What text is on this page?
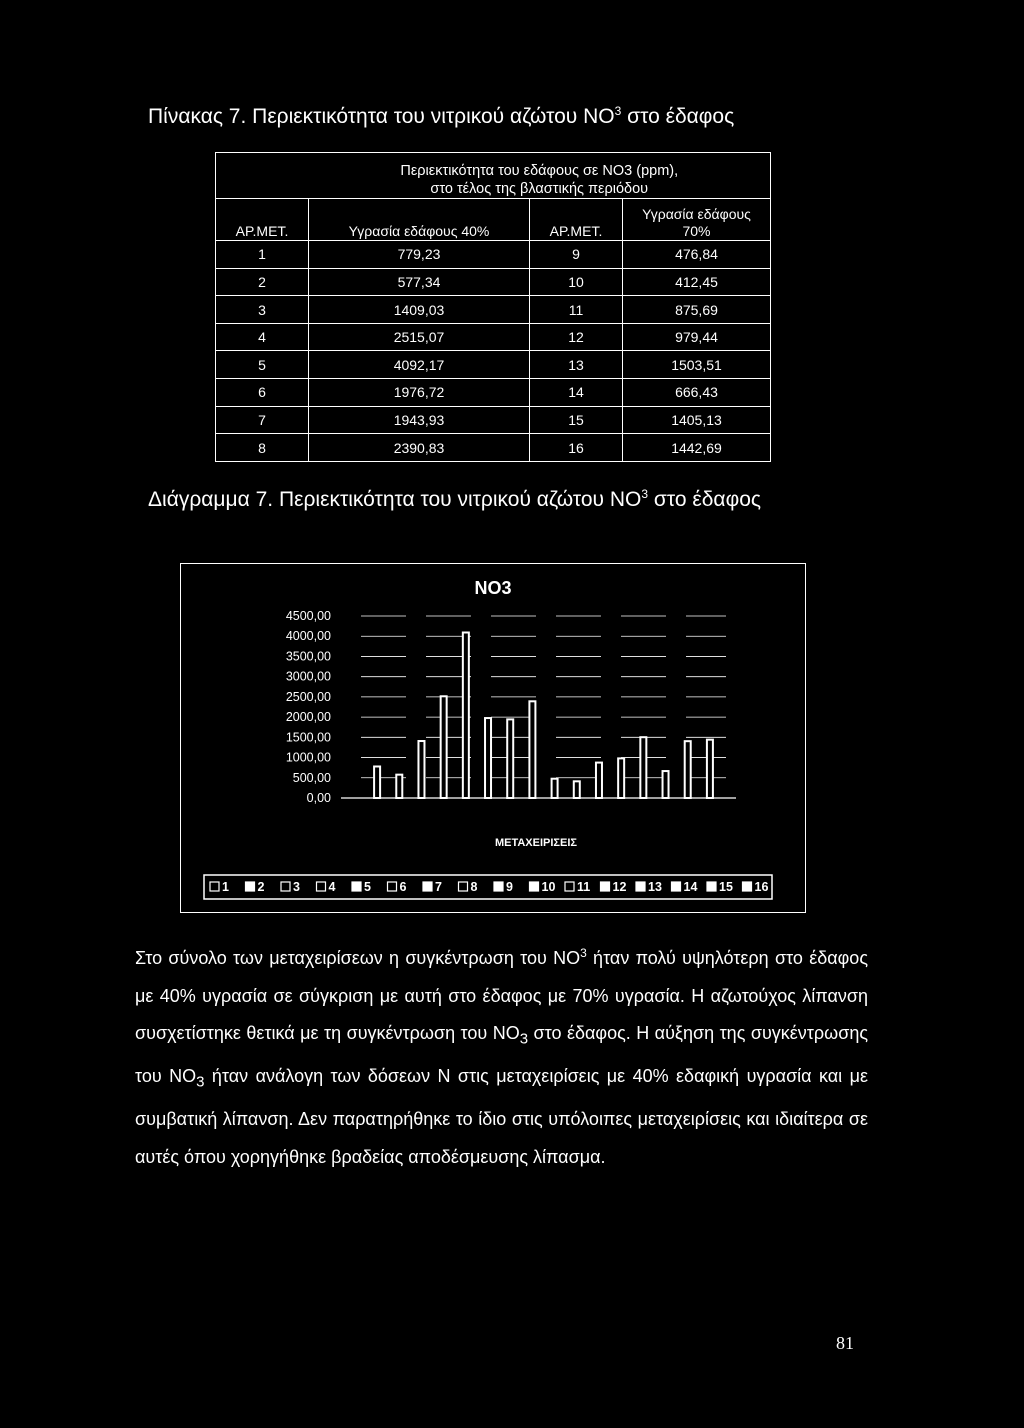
Πίνακας 7. Περιεκτικότητα του νιτρικού αζώτου $NO^3$ στο έδαφος
	Περιεκτικότητα του εδάφους σε ΝΟ3 (ppm),
στο τέλος της βλαστικής περιόδου			
ΑΡ.ΜΕΤ.	Υγρασία εδάφους 40%	ΑΡ.ΜΕΤ.	Υγρασία εδάφους
70%	
1	779,23	9	476,84	
2	577,34	10	412,45	
3	1409,03	11	875,69	
4	2515,07	12	979,44	
5	4092,17	13	1503,51	
6	1976,72	14	666,43	
7	1943,93	15	1405,13	
8	2390,83	16	1442,69	
Διάγραμμα 7. Περιεκτικότητα του νιτρικού αζώτου $NO^3$ στο έδαφος
NO3
4500,00
4000,00
3500,00
3000,00
2500,00
2000,00
1500,00
1000,00
500,00
0,00
ΜΕΤΑΧΕΙΡΙΣΕΙΣ
1 2 3 4 5 6 7 8 9 10 11 12 13 14 15 16
Στο σύνολο των μεταχειρίσεων η συγκέντρωση του $NO^3$ ήταν πολύ υψηλότερη στο έδαφος με 40% υγρασία σε σύγκριση με αυτή στο έδαφος με 70% υγρασία. Η αζωτούχος λίπανση συσχετίστηκε θετικά με τη συγκέντρωση του $NO_3$ στο έδαφος. Η αύξηση της συγκέντρωσης του $NO_3$ ήταν ανάλογη των δόσεων Ν στις μεταχειρίσεις με 40% εδαφική υγρασία και με συμβατική λίπανση. Δεν παρατηρήθηκε το ίδιο στις υπόλοιπες μεταχειρίσεις και ιδιαίτερα σε αυτές όπου χορηγήθηκε βραδείας αποδέσμευσης λίπασμα.
81
